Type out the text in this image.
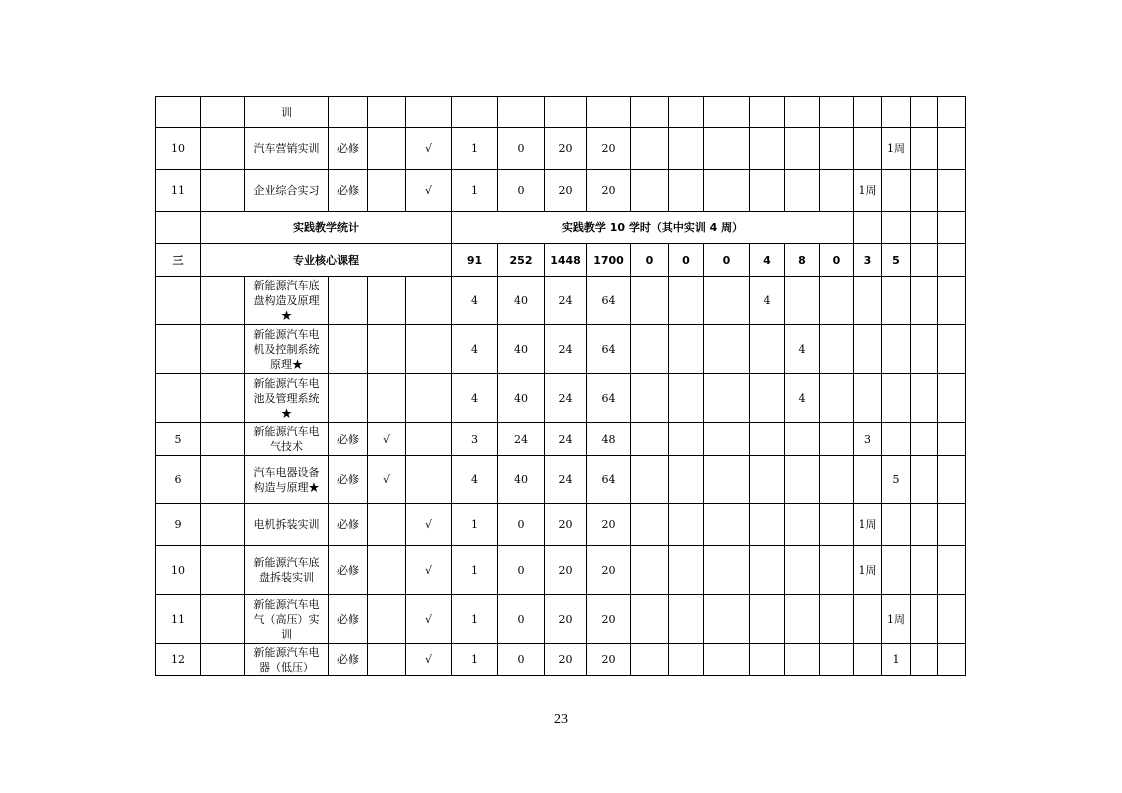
		训																	
10		汽车营销实训	必修		√	1	0	20	20								1周		
11		企业综合实习	必修		√	1	0	20	20							1周			
	实践教学统计					实践教学 10 学时（其中实训 4 周）													
三	专业核心课程					91	252	1448	1700	0	0	0	4	8	0	3	5		
		新能源汽车底盘构造及原理★				4	40	24	64				4						
		新能源汽车电机及控制系统原理★				4	40	24	64					4					
		新能源汽车电池及管理系统★				4	40	24	64					4					
5		新能源汽车电气技术	必修	√		3	24	24	48							3			
6		汽车电器设备构造与原理★	必修	√		4	40	24	64								5		
9		电机拆装实训	必修		√	1	0	20	20							1周			
10		新能源汽车底盘拆装实训	必修		√	1	0	20	20							1周			
11		新能源汽车电气（高压）实训	必修		√	1	0	20	20								1周		
12		新能源汽车电器（低压）	必修		√	1	0	20	20								1		
23
